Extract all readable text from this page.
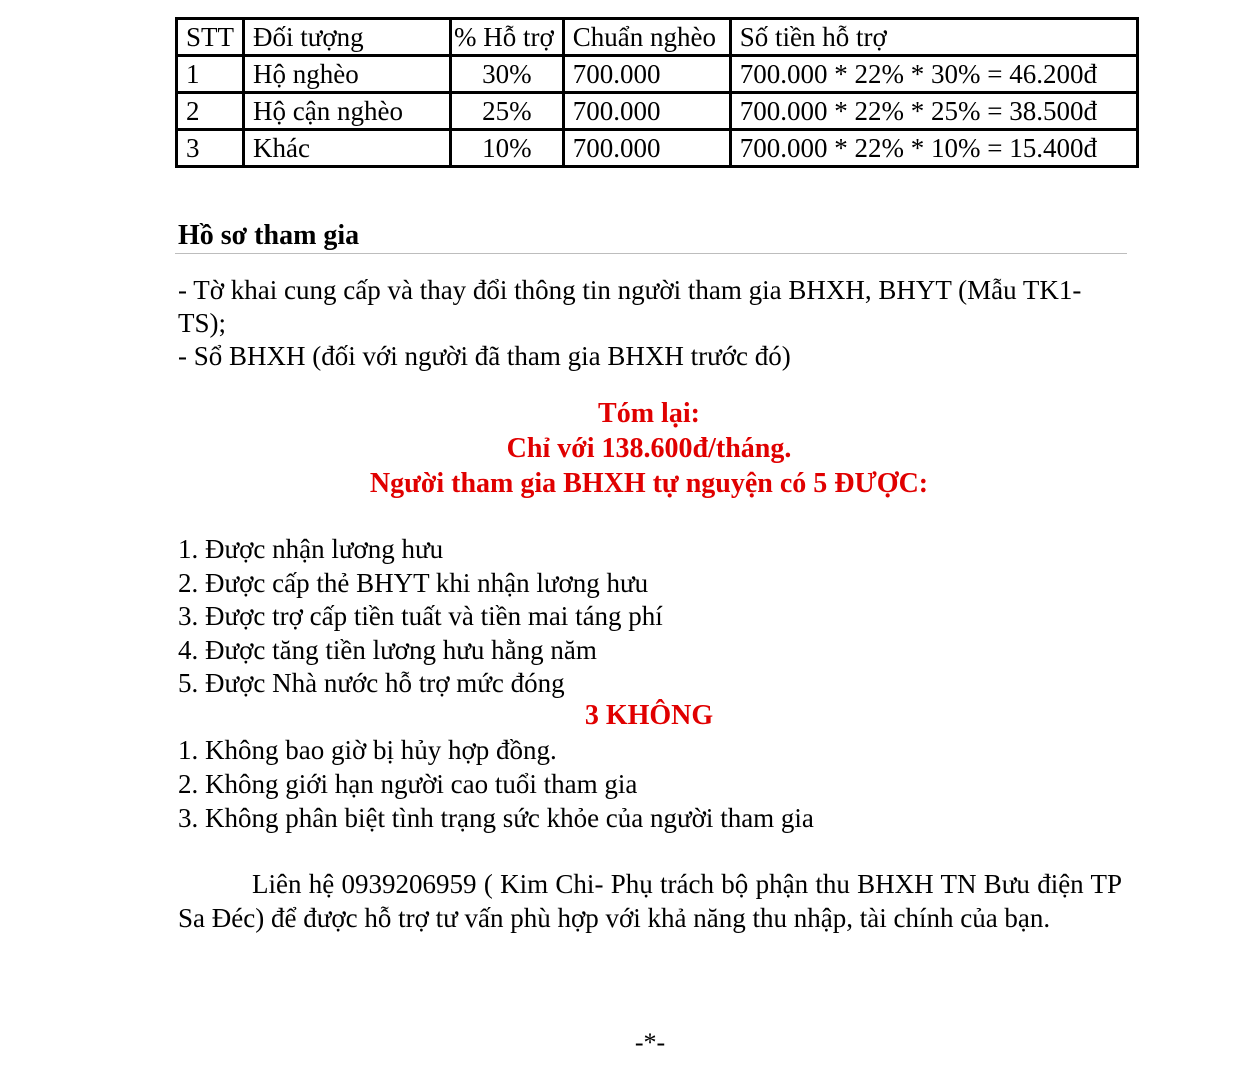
STT	Đối tượng	% Hỗ trợ	Chuẩn nghèo	Số tiền hỗ trợ
1	Hộ nghèo	30%	700.000	700.000 * 22% * 30% = 46.200đ
2	Hộ cận nghèo	25%	700.000	700.000 * 22% * 25% = 38.500đ
3	Khác	10%	700.000	700.000 * 22% * 10% = 15.400đ
Hồ sơ tham gia

- Tờ khai cung cấp và thay đổi thông tin người tham gia BHXH, BHYT (Mẫu TK1-TS);

- Sổ BHXH (đối với người đã tham gia BHXH trước đó)

Tóm lại:

Chỉ với 138.600đ/tháng.

Người tham gia BHXH tự nguyện có 5 ĐƯỢC:

1. Được nhận lương hưu

2. Được cấp thẻ BHYT khi nhận lương hưu

3. Được trợ cấp tiền tuất và tiền mai táng phí

4. Được tăng tiền lương hưu hằng năm

5. Được Nhà nước hỗ trợ mức đóng

3 KHÔNG

1. Không bao giờ bị hủy hợp đồng.

2. Không giới hạn người cao tuổi tham gia

3. Không phân biệt tình trạng sức khỏe của người tham gia

Liên hệ 0939206959 ( Kim Chi- Phụ trách bộ phận thu BHXH TN Bưu điện TP Sa Đéc) để được hỗ trợ tư vấn phù hợp với khả năng thu nhập, tài chính của bạn.

-*-
